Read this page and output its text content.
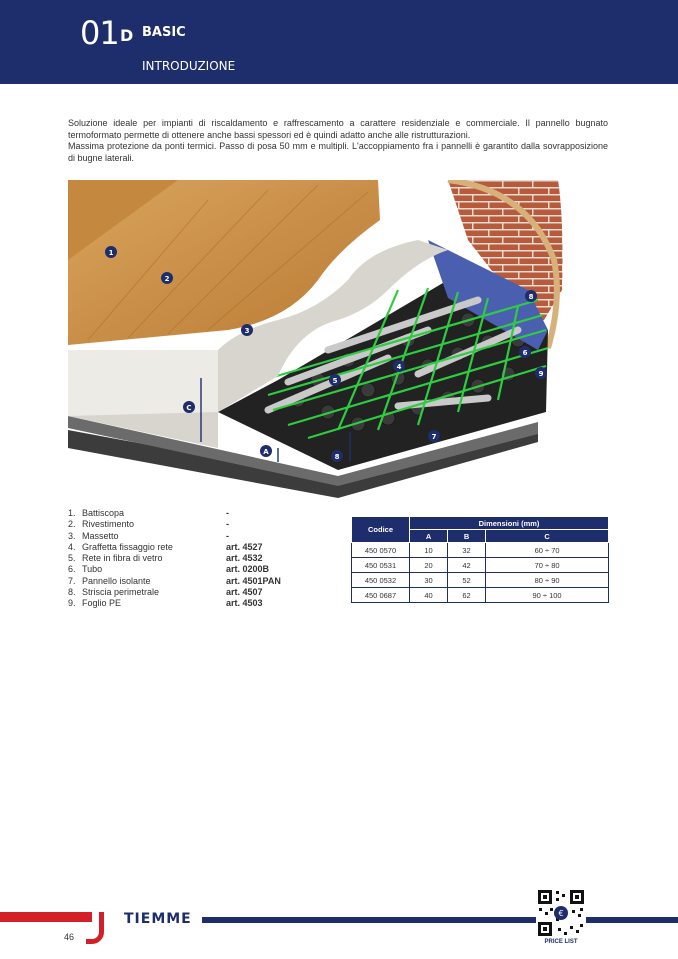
01 D BASIC
INTRODUZIONE

Soluzione ideale per impianti di riscaldamento e raffrescamento a carattere residenziale e commerciale. Il pannello bugnato termoformato permette di ottenere anche bassi spessori ed è quindi adatto anche alle ristrutturazioni.

Massima protezione da ponti termici. Passo di posa 50 mm e multipli. L'accoppiamento fra i pannelli è garantito dalla sovrapposizione di bugne laterali.

1
2
3
4
5
6
7
8
8
9
A
C
1. Battiscopa	-
2. Rivestimento	-
3. Massetto	-
4. Graffetta fissaggio rete	art. 4527
5. Rete in fibra di vetro	art. 4532
6. Tubo	art. 0200B
7. Pannello isolante	art. 4501PAN
8. Striscia perimetrale	art. 4507
9. Foglio PE	art. 4503
Codice	Dimensioni (mm)		
	A	B	C
450 0570	10	32	60 ÷ 70
450 0531	20	42	70 ÷ 80
450 0532	30	52	80 ÷ 90
450 0687	40	62	90 ÷ 100
TIEMME
46
€
PRICE LIST
